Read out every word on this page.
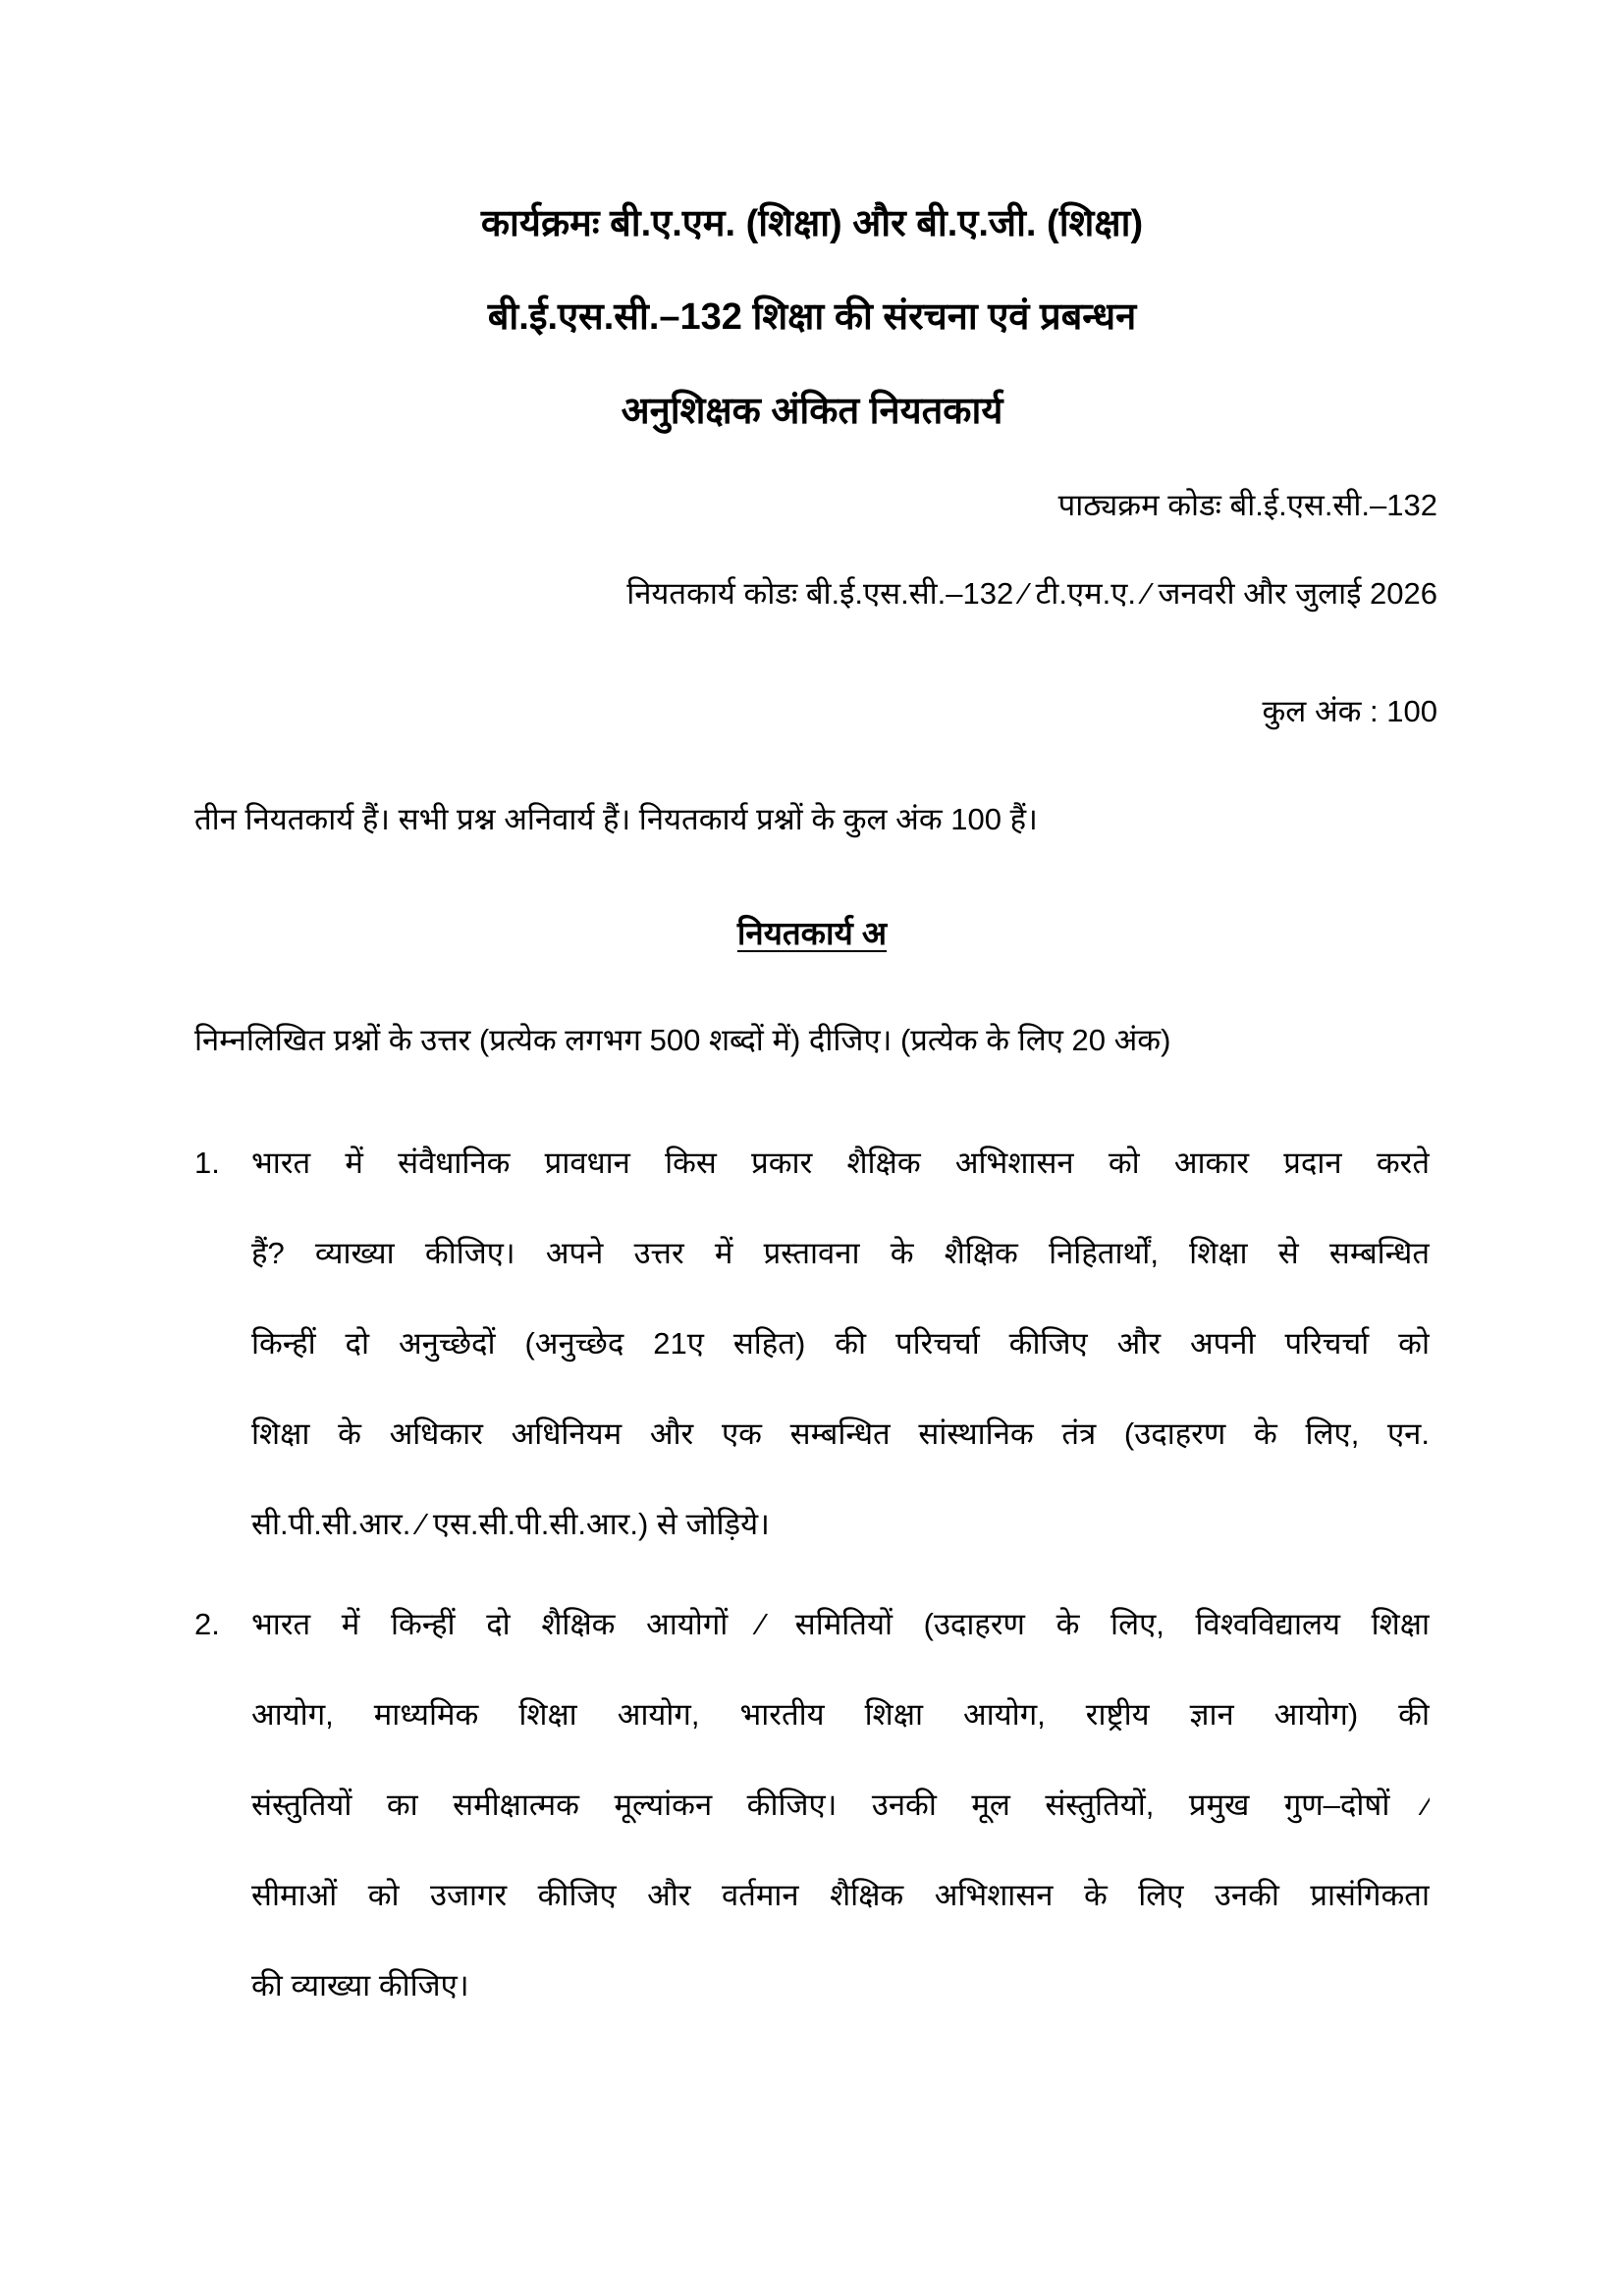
कार्यक्रमः बी.ए.एम. (शिक्षा) और बी.ए.जी. (शिक्षा)
बी.ई.एस.सी.–132 शिक्षा की संरचना एवं प्रबन्धन
अनुशिक्षक अंकित नियतकार्य
पाठ्यक्रम कोडः बी.ई.एस.सी.–132
नियतकार्य कोडः बी.ई.एस.सी.–132 ⁄ टी.एम.ए. ⁄ जनवरी और जुलाई 2026
कुल अंक : 100
तीन नियतकार्य हैं। सभी प्रश्न अनिवार्य हैं। नियतकार्य प्रश्नों के कुल अंक 100 हैं।
नियतकार्य अ
निम्नलिखित प्रश्नों के उत्तर (प्रत्येक लगभग 500 शब्दों में) दीजिए। (प्रत्येक के लिए 20 अंक)
1.	भारत में संवैधानिक प्रावधान किस प्रकार शैक्षिक अभिशासन को आकार प्रदान करते
हैं? व्याख्या कीजिए। अपने उत्तर में प्रस्तावना के शैक्षिक निहितार्थों, शिक्षा से सम्बन्धित
किन्हीं दो अनुच्छेदों (अनुच्छेद 21ए सहित) की परिचर्चा कीजिए और अपनी परिचर्चा को
शिक्षा के अधिकार अधिनियम और एक सम्बन्धित सांस्थानिक तंत्र (उदाहरण के लिए, एन.
सी.पी.सी.आर. ⁄ एस.सी.पी.सी.आर.) से जोड़िये।
2.	भारत में किन्हीं दो शैक्षिक आयोगों ⁄ समितियों (उदाहरण के लिए, विश्वविद्यालय शिक्षा
आयोग, माध्यमिक शिक्षा आयोग, भारतीय शिक्षा आयोग, राष्ट्रीय ज्ञान आयोग) की
संस्तुतियों का समीक्षात्मक मूल्यांकन कीजिए। उनकी मूल संस्तुतियों, प्रमुख गुण–दोषों ⁄
सीमाओं को उजागर कीजिए और वर्तमान शैक्षिक अभिशासन के लिए उनकी प्रासंगिकता
की व्याख्या कीजिए।
